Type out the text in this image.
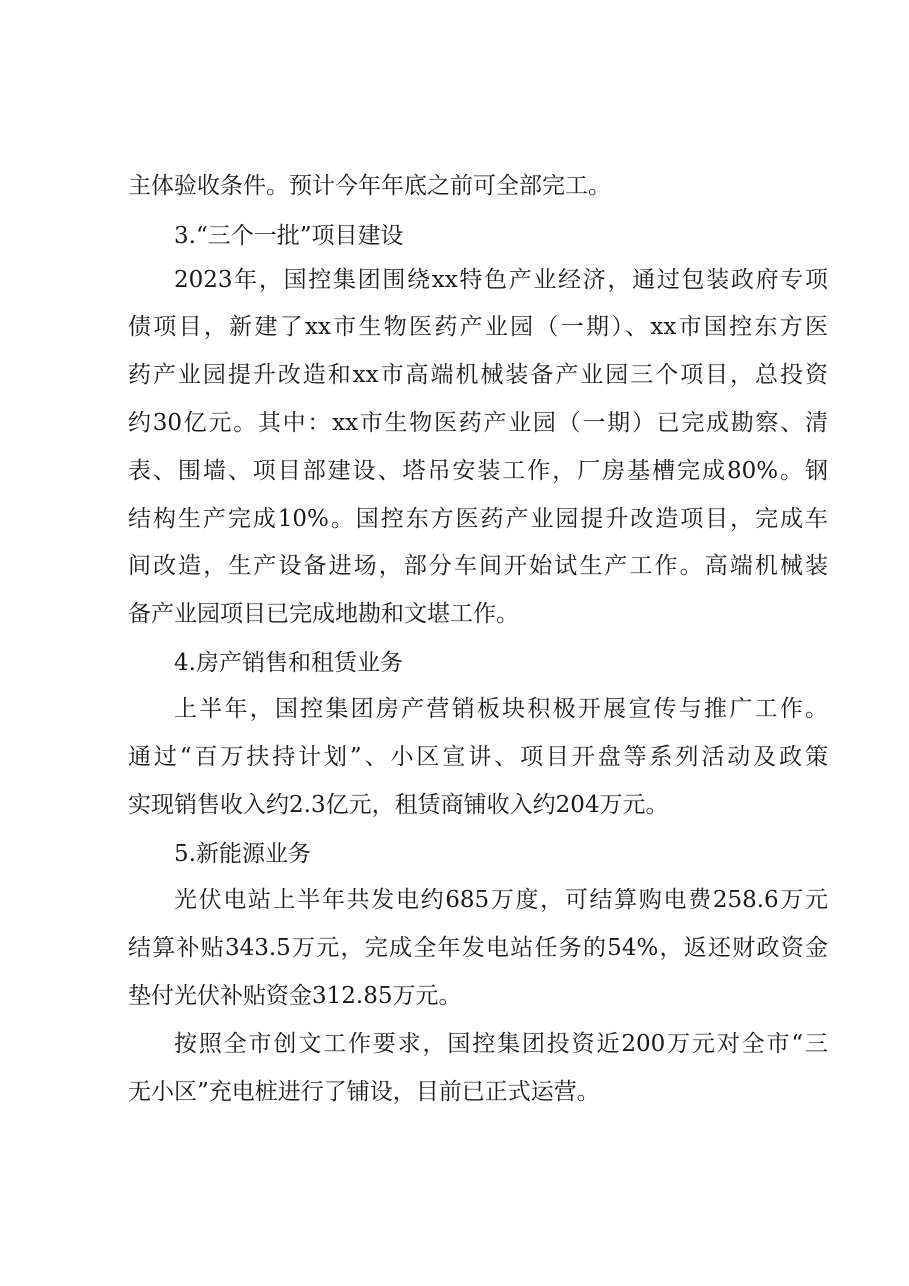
主体验收条件。预计今年年底之前可全部完工。
3.“三个一批”项目建设
2023年，国控集团围绕xx特色产业经济，通过包装政府专项
债项目，新建了xx市生物医药产业园（一期）、xx市国控东方医
药产业园提升改造和xx市高端机械装备产业园三个项目，总投资
约30亿元。其中：xx市生物医药产业园（一期）已完成勘察、清
表、围墙、项目部建设、塔吊安装工作，厂房基槽完成80%。钢
结构生产完成10%。国控东方医药产业园提升改造项目，完成车
间改造，生产设备进场，部分车间开始试生产工作。高端机械装
备产业园项目已完成地勘和文堪工作。
4.房产销售和租赁业务
上半年，国控集团房产营销板块积极开展宣传与推广工作。
通过“百万扶持计划”、小区宣讲、项目开盘等系列活动及政策
实现销售收入约2.3亿元，租赁商铺收入约204万元。
5.新能源业务
光伏电站上半年共发电约685万度，可结算购电费258.6万元
结算补贴343.5万元，完成全年发电站任务的54%，返还财政资金
垫付光伏补贴资金312.85万元。
按照全市创文工作要求，国控集团投资近200万元对全市“三
无小区”充电桩进行了铺设，目前已正式运营。
